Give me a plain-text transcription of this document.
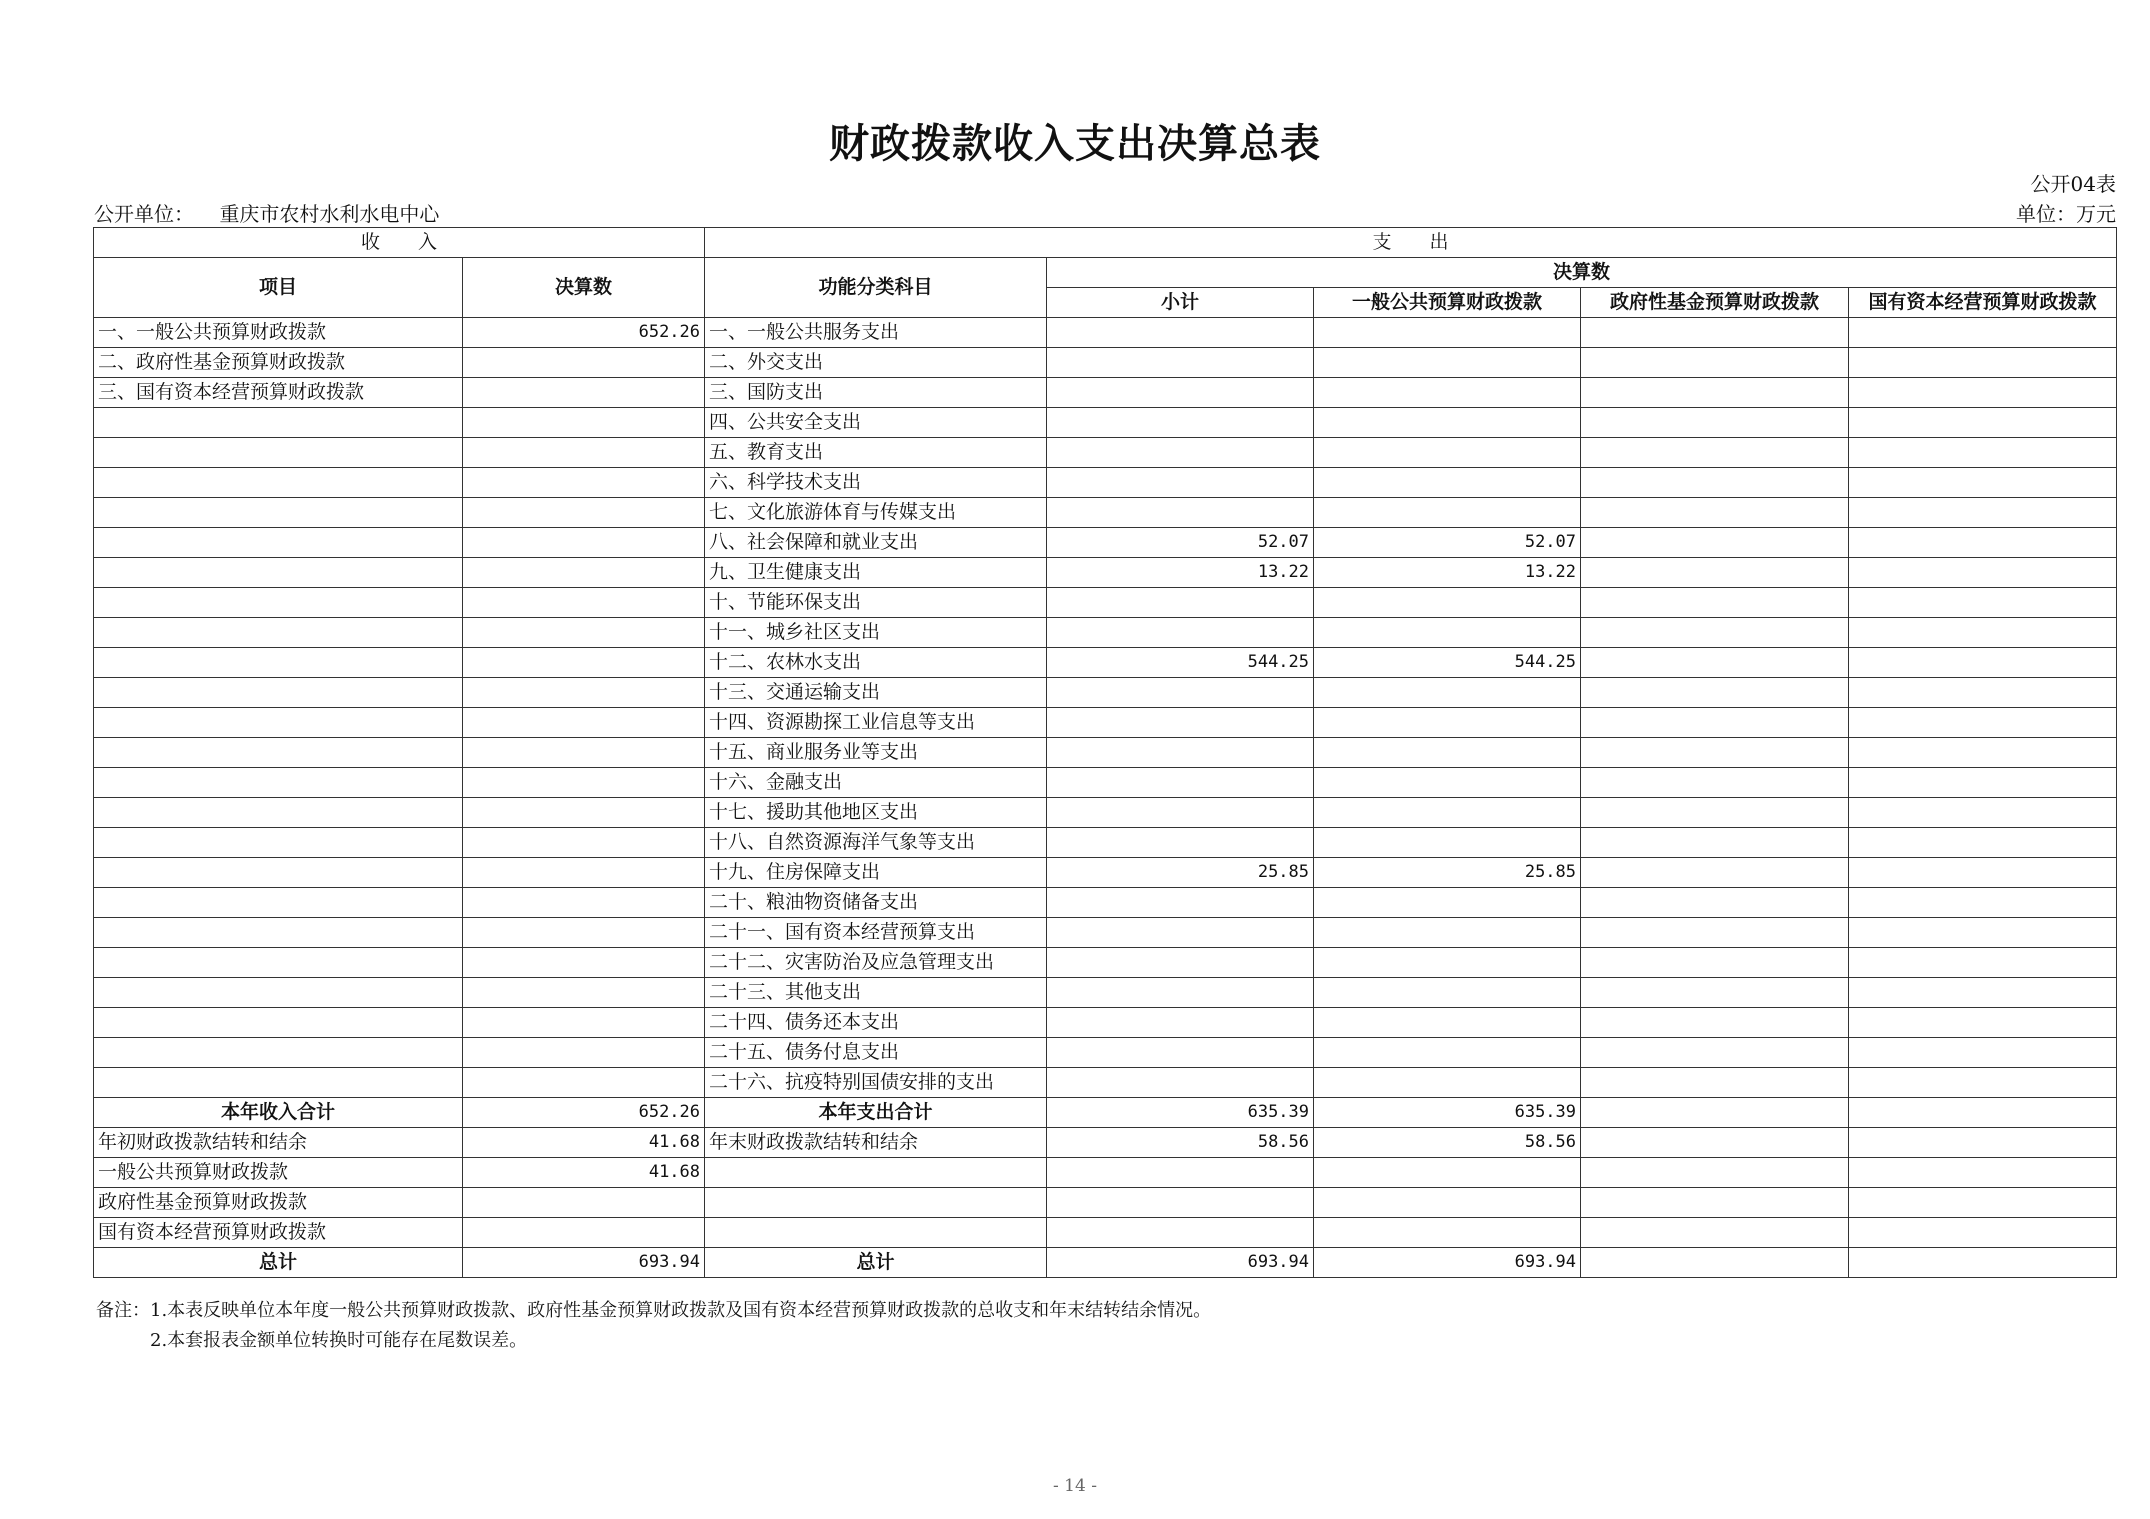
财政拨款收入支出决算总表
公开04表
公开单位： 重庆市农村水利水电中心	单位：万元
收　　入		支　　出				
项目	决算数	功能分类科目	决算数			
			小计	一般公共预算财政拨款	政府性基金预算财政拨款	国有资本经营预算财政拨款
一、一般公共预算财政拨款	652.26	一、一般公共服务支出				
二、政府性基金预算财政拨款		二、外交支出				
三、国有资本经营预算财政拨款		三、国防支出				
		四、公共安全支出				
		五、教育支出				
		六、科学技术支出				
		七、文化旅游体育与传媒支出				
		八、社会保障和就业支出	52.07	52.07		
		九、卫生健康支出	13.22	13.22		
		十、节能环保支出				
		十一、城乡社区支出				
		十二、农林水支出	544.25	544.25		
		十三、交通运输支出				
		十四、资源勘探工业信息等支出				
		十五、商业服务业等支出				
		十六、金融支出				
		十七、援助其他地区支出				
		十八、自然资源海洋气象等支出				
		十九、住房保障支出	25.85	25.85		
		二十、粮油物资储备支出				
		二十一、国有资本经营预算支出				
		二十二、灾害防治及应急管理支出				
		二十三、其他支出				
		二十四、债务还本支出				
		二十五、债务付息支出				
		二十六、抗疫特别国债安排的支出				
本年收入合计	652.26	本年支出合计	635.39	635.39		
年初财政拨款结转和结余	41.68	年末财政拨款结转和结余	58.56	58.56		
一般公共预算财政拨款	41.68					
政府性基金预算财政拨款						
国有资本经营预算财政拨款						
总计	693.94	总计	693.94	693.94		
备注：1.本表反映单位本年度一般公共预算财政拨款、政府性基金预算财政拨款及国有资本经营预算财政拨款的总收支和年末结转结余情况。
2.本套报表金额单位转换时可能存在尾数误差。
- 14 -
